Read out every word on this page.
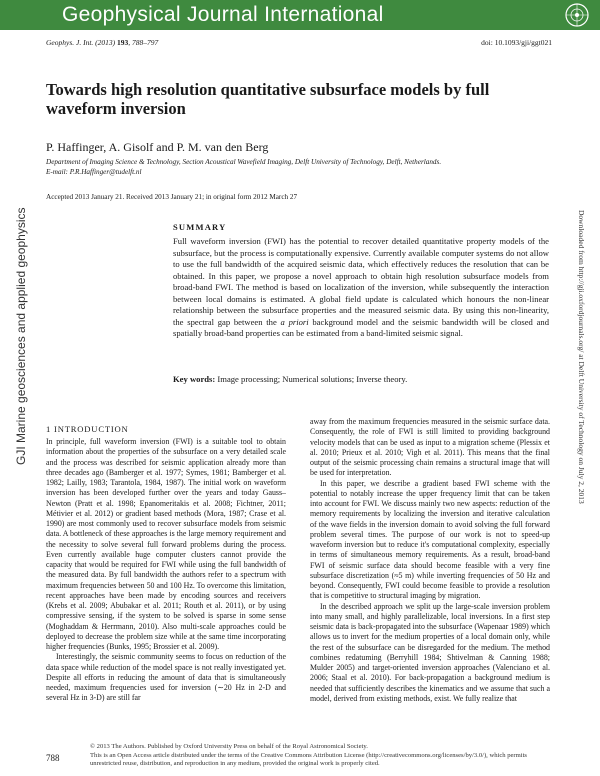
Geophysical Journal International
Geophys. J. Int. (2013) 193, 788–797	doi: 10.1093/gji/ggt021
Towards high resolution quantitative subsurface models by full waveform inversion
P. Haffinger, A. Gisolf and P. M. van den Berg
Department of Imaging Science & Technology, Section Acoustical Wavefield Imaging, Delft University of Technology, Delft, Netherlands.
E-mail: P.R.Haffinger@tudelft.nl
Accepted 2013 January 21. Received 2013 January 21; in original form 2012 March 27
GJI Marine geosciences and applied geophysics	Downloaded from http://gji.oxfordjournals.org/ at Delft University of Technology on July 2, 2013
SUMMARY
Full waveform inversion (FWI) has the potential to recover detailed quantitative property models of the subsurface, but the process is computationally expensive. Currently available computer systems do not allow to use the full bandwidth of the acquired seismic data, which effectively reduces the resolution that can be obtained. In this paper, we propose a novel approach to obtain high resolution subsurface models from broad-band FWI. The method is based on localization of the inversion, while subsequently the interaction between local domains is estimated. A global field update is calculated which honours the non-linear relationship between the subsurface properties and the measured seismic data. By using this non-linearity, the spectral gap between the a priori background model and the seismic bandwidth will be closed and spatially broad-band properties can be estimated from a band-limited seismic signal.
Key words: Image processing; Numerical solutions; Inverse theory.
1 INTRODUCTION

In principle, full waveform inversion (FWI) is a suitable tool to obtain information about the properties of the subsurface on a very detailed scale and the process was described for seismic application already more than three decades ago (Bamberger et al. 1977; Symes, 1981; Bamberger et al. 1982; Lailly, 1983; Tarantola, 1984, 1987). The initial work on waveform inversion has been developed further over the years and today Gauss–Newton (Pratt et al. 1998; Epanomeritakis et al. 2008; Fichtner, 2011; Métivier et al. 2012) or gradient based methods (Mora, 1987; Crase et al. 1990) are most commonly used to recover subsurface models from seismic data. A bottleneck of these approaches is the large memory requirement and the necessity to solve several full forward problems during the process. Even currently available huge computer clusters cannot provide the capacity that would be required for FWI while using the full bandwidth of the measured data. By full bandwidth the authors refer to a spectrum with maximum frequencies between 50 and 100 Hz. To overcome this limitation, recent approaches have been made by encoding sources and receivers (Krebs et al. 2009; Abubakar et al. 2011; Routh et al. 2011), or by using compressive sensing, if the system to be solved is sparse in some sense (Moghaddam & Herrmann, 2010). Also multi-scale approaches could be deployed to decrease the problem size while at the same time incorporating higher frequencies (Bunks, 1995; Brossier et al. 2009).

Interestingly, the seismic community seems to focus on reduction of the data space while reduction of the model space is not really investigated yet. Despite all efforts in reducing the amount of data that is simultaneously needed, maximum frequencies used for inversion (∼20 Hz in 2-D and several Hz in 3-D) are still far

away from the maximum frequencies measured in the seismic surface data. Consequently, the role of FWI is still limited to providing background velocity models that can be used as input to a migration scheme (Plessix et al. 2010; Prieux et al. 2010; Vigh et al. 2011). This means that the final output of the seismic processing chain remains a structural image that will be used for interpretation.

In this paper, we describe a gradient based FWI scheme with the potential to notably increase the upper frequency limit that can be taken into account for FWI. We discuss mainly two new aspects: reduction of the memory requirements by localizing the inversion and iterative calculation of the wave fields in the inversion domain to avoid solving the full forward problem several times. The purpose of our work is not to speed-up waveform inversion but to reduce it's computational complexity, especially in terms of simultaneous memory requirements. As a result, broad-band FWI of seismic surface data should become feasible with a very fine subsurface discretization (≈5 m) while inverting frequencies of 50 Hz and beyond. Consequently, FWI could become feasible to provide a resolution that is competitive to structural imaging by migration.

In the described approach we split up the large-scale inversion problem into many small, and highly parallelizable, local inversions. In a first step seismic data is back-propagated into the subsurface (Wapenaar 1989) which allows us to invert for the medium properties of a local domain only, while the rest of the subsurface can be disregarded for the medium. The method combines redatuming (Berryhill 1984; Shtivelman & Canning 1988; Mulder 2005) and target-oriented inversion approaches (Valenciano et al. 2006; Staal et al. 2010). For back-propagation a background medium is needed that sufficiently describes the kinematics and we assume that such a model, derived from existing methods, exist. We fully realize that

788
© 2013 The Authors. Published by Oxford University Press on behalf of the Royal Astronomical Society.
This is an Open Access article distributed under the terms of the Creative Commons Attribution License (http://creativecommons.org/licenses/by/3.0/), which permits unrestricted reuse, distribution, and reproduction in any medium, provided the original work is properly cited.
